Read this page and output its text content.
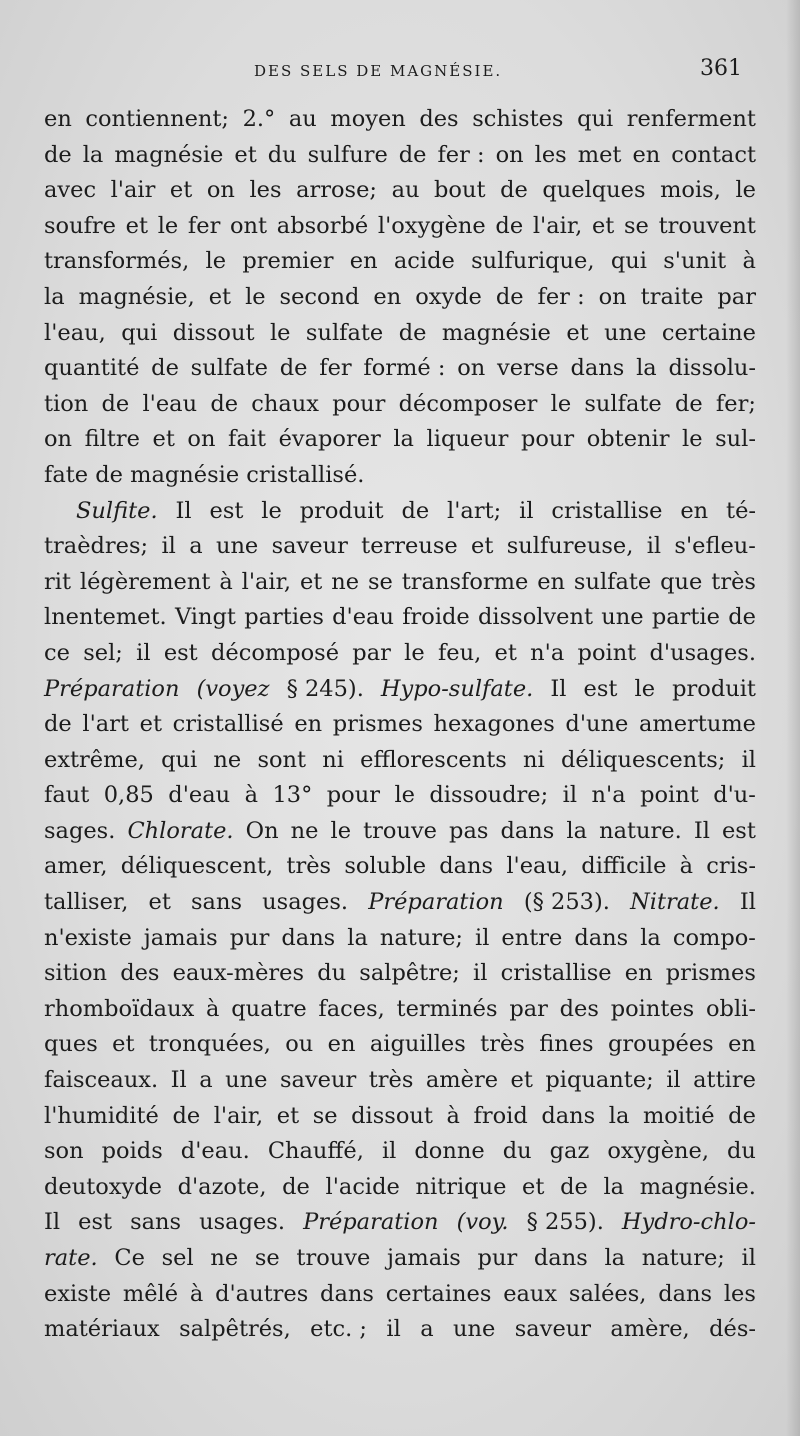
DES SELS DE MAGNÉSIE.	361
en contiennent; 2.° au moyen des schistes qui renferment
de la magnésie et du sulfure de fer : on les met en contact
avec l'air et on les arrose; au bout de quelques mois, le
soufre et le fer ont absorbé l'oxygène de l'air, et se trouvent
transformés, le premier en acide sulfurique, qui s'unit à
la magnésie, et le second en oxyde de fer : on traite par
l'eau, qui dissout le sulfate de magnésie et une certaine
quantité de sulfate de fer formé : on verse dans la dissolu-
tion de l'eau de chaux pour décomposer le sulfate de fer;
on filtre et on fait évaporer la liqueur pour obtenir le sul-
fate de magnésie cristallisé.
Sulfite. Il est le produit de l'art; il cristallise en té-
traèdres; il a une saveur terreuse et sulfureuse, il s'efleu-
rit légèrement à l'air, et ne se transforme en sulfate que très
lnentemet. Vingt parties d'eau froide dissolvent une partie de
ce sel; il est décomposé par le feu, et n'a point d'usages.
Préparation (voyez § 245). Hypo-sulfate. Il est le produit
de l'art et cristallisé en prismes hexagones d'une amertume
extrême, qui ne sont ni efflorescents ni déliquescents; il
faut 0,85 d'eau à 13° pour le dissoudre; il n'a point d'u-
sages. Chlorate. On ne le trouve pas dans la nature. Il est
amer, déliquescent, très soluble dans l'eau, difficile à cris-
talliser, et sans usages. Préparation (§ 253). Nitrate. Il
n'existe jamais pur dans la nature; il entre dans la compo-
sition des eaux-mères du salpêtre; il cristallise en prismes
rhomboïdaux à quatre faces, terminés par des pointes obli-
ques et tronquées, ou en aiguilles très fines groupées en
faisceaux. Il a une saveur très amère et piquante; il attire
l'humidité de l'air, et se dissout à froid dans la moitié de
son poids d'eau. Chauffé, il donne du gaz oxygène, du
deutoxyde d'azote, de l'acide nitrique et de la magnésie.
Il est sans usages. Préparation (voy. § 255). Hydro-chlo-
rate. Ce sel ne se trouve jamais pur dans la nature; il
existe mêlé à d'autres dans certaines eaux salées, dans les
matériaux salpêtrés, etc. ; il a une saveur amère, dés-
